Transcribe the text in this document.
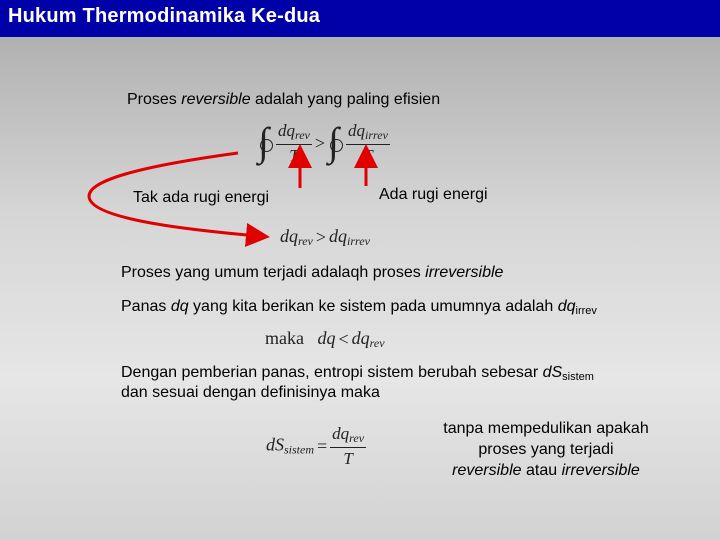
Hukum Thermodinamika Ke-dua
Proses reversible adalah yang paling efisien
∫ $\frac{dq_{rev}}{T}$ > ∫ $\frac{dq_{irrev}}{T}$
Tak ada rugi energi	Ada rugi energi
$dq_{rev} > dq_{irrev}$
Proses yang umum terjadi adalaqh proses irreversible
Panas dq yang kita berikan ke sistem pada umumnya adalah $dq_{irrev}$
maka dq < $dq_{rev}$
Dengan pemberian panas, entropi sistem berubah sebesar $dS_{sistem}$
dan sesuai dengan definisinya maka
$dS_{sistem} = \frac{dq_{rev}}{T}$	tanpa mempedulikan apakah
proses yang terjadi
reversible atau irreversible
